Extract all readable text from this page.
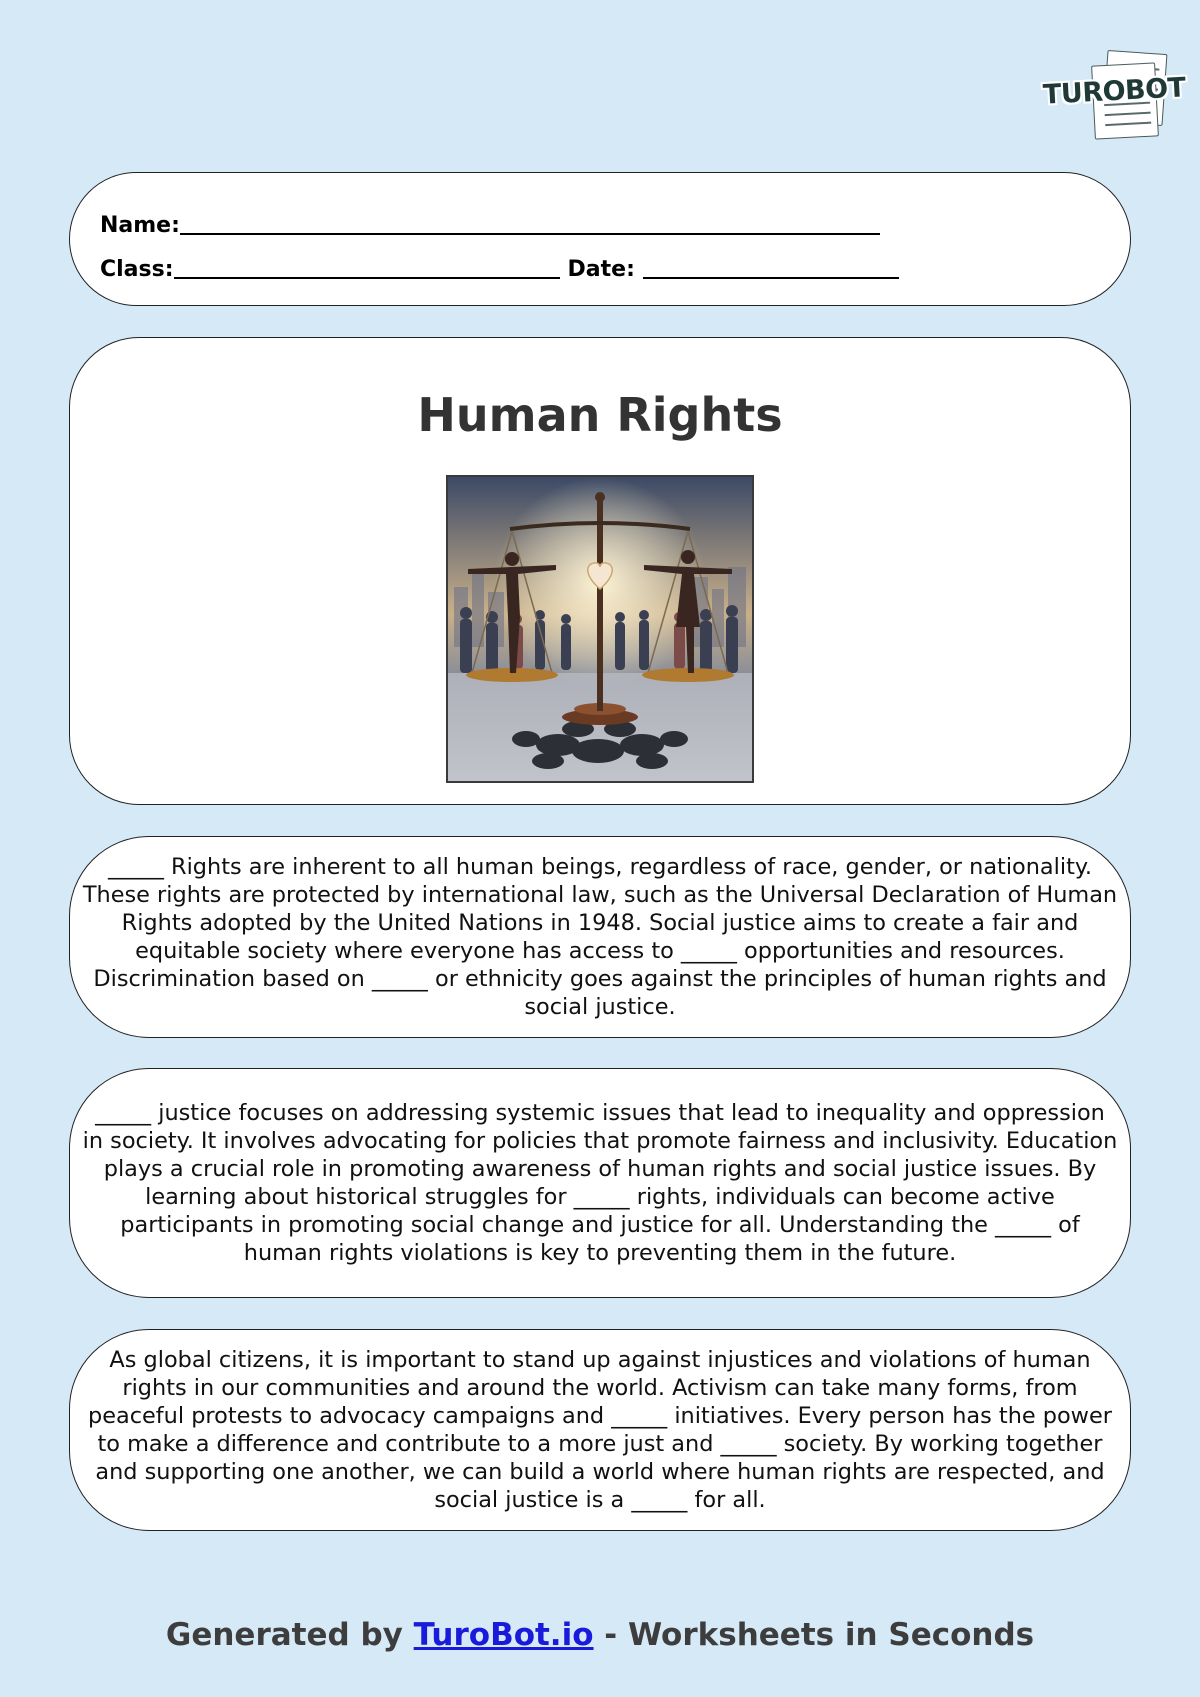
TUROBOT
Name:
Class:	Date:
Human Rights

_____ Rights are inherent to all human beings, regardless of race, gender, or nationality. These rights are protected by international law, such as the Universal Declaration of Human Rights adopted by the United Nations in 1948. Social justice aims to create a fair and equitable society where everyone has access to _____ opportunities and resources. Discrimination based on _____ or ethnicity goes against the principles of human rights and social justice.

_____ justice focuses on addressing systemic issues that lead to inequality and oppression in society. It involves advocating for policies that promote fairness and inclusivity. Education plays a crucial role in promoting awareness of human rights and social justice issues. By learning about historical struggles for _____ rights, individuals can become active participants in promoting social change and justice for all. Understanding the _____ of human rights violations is key to preventing them in the future.

As global citizens, it is important to stand up against injustices and violations of human rights in our communities and around the world. Activism can take many forms, from peaceful protests to advocacy campaigns and _____ initiatives. Every person has the power to make a difference and contribute to a more just and _____ society. By working together and supporting one another, we can build a world where human rights are respected, and social justice is a _____ for all.

Generated by TuroBot.io - Worksheets in Seconds
